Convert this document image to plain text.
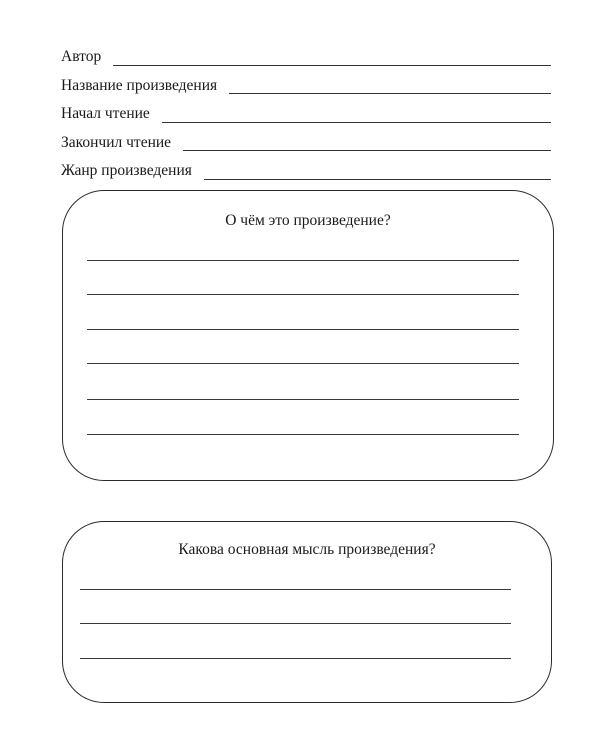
Автор
Название произведения
Начал чтение
Закончил чтение
Жанр произведения
О чём это произведение?
Какова основная мысль произведения?
